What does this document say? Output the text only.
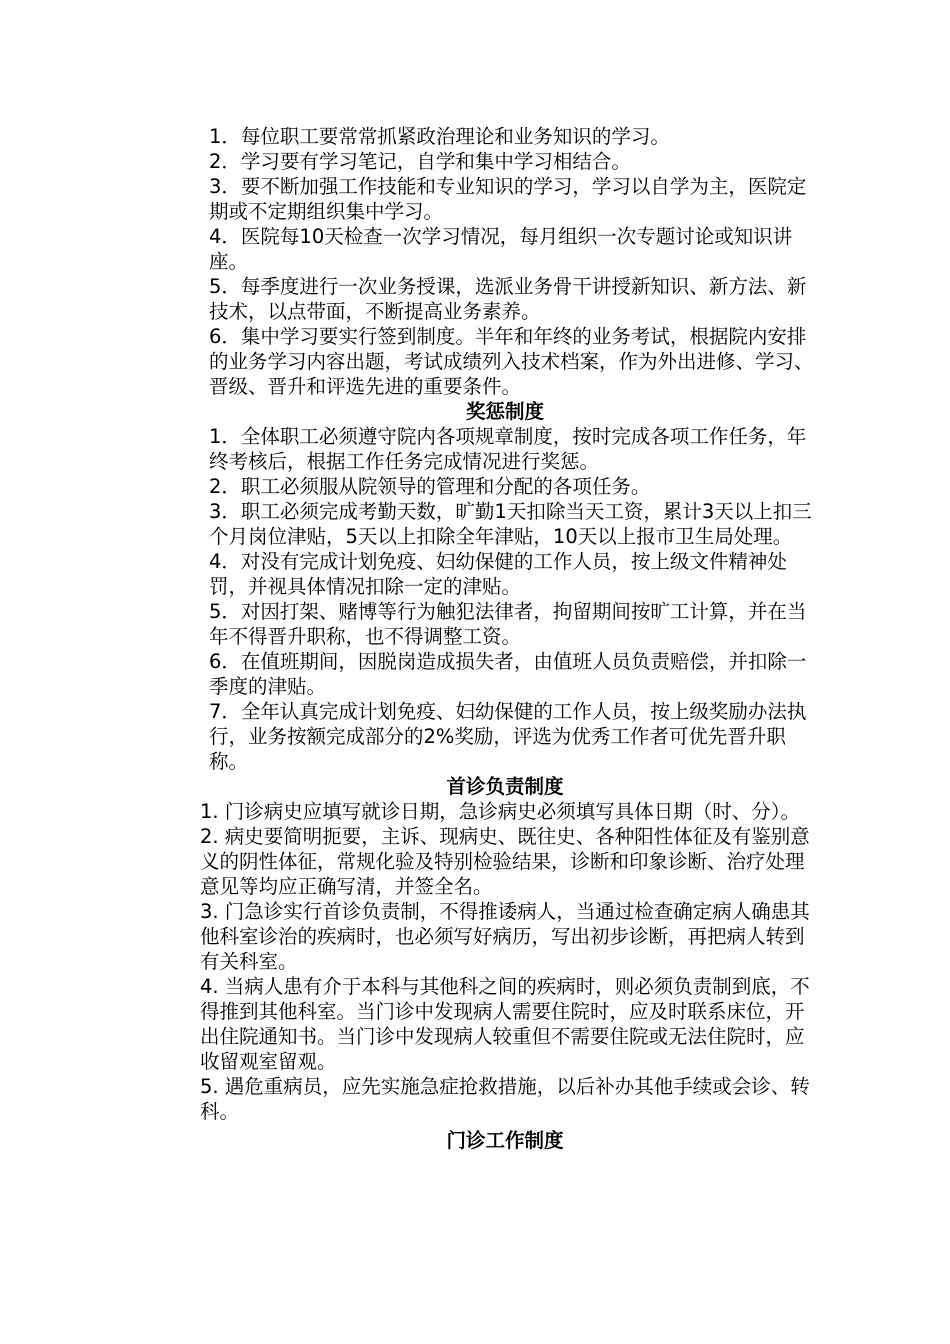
1．每位职工要常常抓紧政治理论和业务知识的学习。

2．学习要有学习笔记，自学和集中学习相结合。

3．要不断加强工作技能和专业知识的学习，学习以自学为主，医院定期或不定期组织集中学习。

4．医院每10天检查一次学习情况，每月组织一次专题讨论或知识讲座。

5．每季度进行一次业务授课，选派业务骨干讲授新知识、新方法、新技术，以点带面，不断提高业务素养。

6．集中学习要实行签到制度。半年和年终的业务考试，根据院内安排的业务学习内容出题，考试成绩列入技术档案，作为外出进修、学习、晋级、晋升和评选先进的重要条件。

奖惩制度

1．全体职工必须遵守院内各项规章制度，按时完成各项工作任务，年终考核后，根据工作任务完成情况进行奖惩。

2．职工必须服从院领导的管理和分配的各项任务。

3．职工必须完成考勤天数，旷勤1天扣除当天工资，累计3天以上扣三个月岗位津贴，5天以上扣除全年津贴，10天以上报市卫生局处理。

4．对没有完成计划免疫、妇幼保健的工作人员，按上级文件精神处罚，并视具体情况扣除一定的津贴。

5．对因打架、赌博等行为触犯法律者，拘留期间按旷工计算，并在当年不得晋升职称，也不得调整工资。

6．在值班期间，因脱岗造成损失者，由值班人员负责赔偿，并扣除一季度的津贴。

7．全年认真完成计划免疫、妇幼保健的工作人员，按上级奖励办法执行，业务按额完成部分的2%奖励，评选为优秀工作者可优先晋升职称。

首诊负责制度

1. 门诊病史应填写就诊日期，急诊病史必须填写具体日期（时、分）。

2. 病史要简明扼要，主诉、现病史、既往史、各种阳性体征及有鉴别意义的阴性体征，常规化验及特别检验结果，诊断和印象诊断、治疗处理意见等均应正确写清，并签全名。

3. 门急诊实行首诊负责制，不得推诿病人，当通过检查确定病人确患其他科室诊治的疾病时，也必须写好病历，写出初步诊断，再把病人转到有关科室。

4. 当病人患有介于本科与其他科之间的疾病时，则必须负责制到底，不得推到其他科室。当门诊中发现病人需要住院时，应及时联系床位，开出住院通知书。当门诊中发现病人较重但不需要住院或无法住院时，应收留观室留观。

5. 遇危重病员，应先实施急症抢救措施，以后补办其他手续或会诊、转科。

门诊工作制度
